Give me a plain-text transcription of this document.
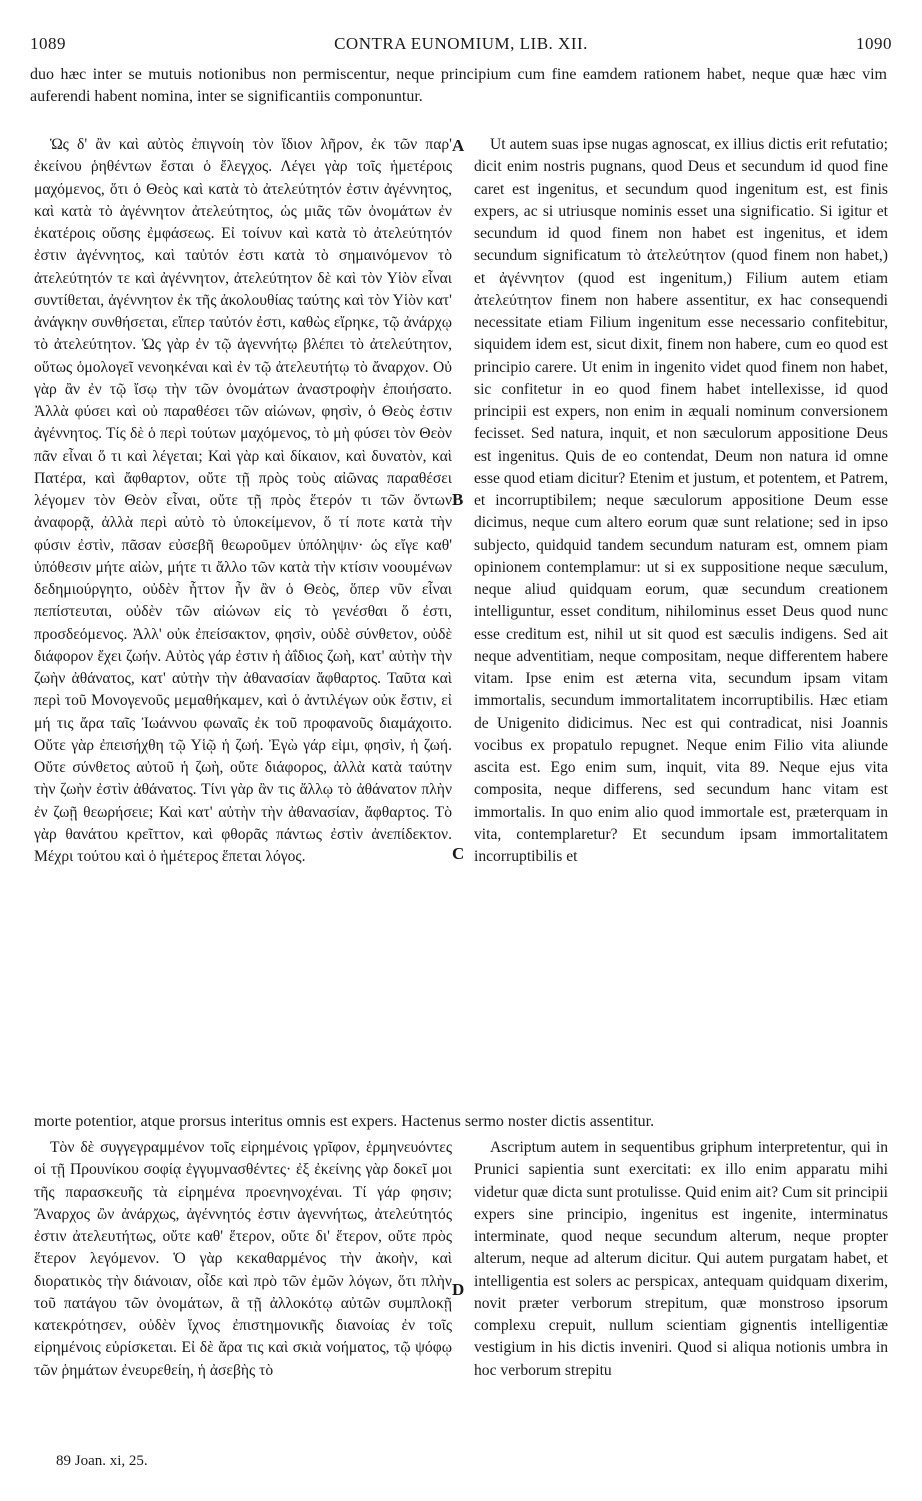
1089	CONTRA EUNOMIUM, LIB. XII.	1090

duo hæc inter se mutuis notionibus non permiscentur, neque principium cum fine eamdem rationem habet, neque quæ hæc vim auferendi habent nomina, inter se significantiis componuntur.

Ὡς δ' ἂν καὶ αὐτὸς ἐπιγνοίη τὸν ἴδιον λῆρον, ἐκ τῶν παρ' ἐκείνου ῥηθέντων ἔσται ὁ ἔλεγχος. Λέγει γὰρ τοῖς ἡμετέροις μαχόμενος, ὅτι ὁ Θεὸς καὶ κατὰ τὸ ἀτελεύτητόν ἐστιν ἀγέννητος, καὶ κατὰ τὸ ἀγέννητον ἀτελεύτητος, ὡς μιᾶς τῶν ὀνομάτων ἐν ἑκατέροις οὔσης ἐμφάσεως. Εἰ τοίνυν καὶ κατὰ τὸ ἀτελεύτητόν ἐστιν ἀγέννητος, καὶ ταὐτόν ἐστι κατὰ τὸ σημαινόμενον τὸ ἀτελεύτητόν τε καὶ ἀγέννητον, ἀτελεύτητον δὲ καὶ τὸν Υἱὸν εἶναι συντίθεται, ἀγέννητον ἐκ τῆς ἀκολουθίας ταύτης καὶ τὸν Υἱὸν κατ' ἀνάγκην συνθήσεται, εἴπερ ταὐτόν ἐστι, καθὼς εἴρηκε, τῷ ἀνάρχῳ τὸ ἀτελεύτητον. Ὡς γὰρ ἐν τῷ ἀγεννήτῳ βλέπει τὸ ἀτελεύτητον, οὕτως ὁμολογεῖ νενοηκέναι καὶ ἐν τῷ ἀτελευτήτῳ τὸ ἄναρχον. Οὐ γὰρ ἂν ἐν τῷ ἴσῳ τὴν τῶν ὀνομάτων ἀναστροφὴν ἐποιήσατο. Ἀλλὰ φύσει καὶ οὐ παραθέσει τῶν αἰώνων, φησὶν, ὁ Θεὸς ἐστιν ἀγέννητος. Τίς δὲ ὁ περὶ τούτων μαχόμενος, τὸ μὴ φύσει τὸν Θεὸν πᾶν εἶναι ὅ τι καὶ λέγεται; Καὶ γὰρ καὶ δίκαιον, καὶ δυνατὸν, καὶ Πατέρα, καὶ ἄφθαρτον, οὔτε τῇ πρὸς τοὺς αἰῶνας παραθέσει λέγομεν τὸν Θεὸν εἶναι, οὔτε τῇ πρὸς ἕτερόν τι τῶν ὄντων ἀναφορᾷ, ἀλλὰ περὶ αὐτὸ τὸ ὑποκείμενον, ὅ τί ποτε κατὰ τὴν φύσιν ἐστὶν, πᾶσαν εὐσεβῆ θεωροῦμεν ὑπόληψιν· ὡς εἴγε καθ' ὑπόθεσιν μήτε αἰὼν, μήτε τι ἄλλο τῶν κατὰ τὴν κτίσιν νοουμένων δεδημιούργητο, οὐδὲν ἧττον ἦν ἂν ὁ Θεὸς, ὅπερ νῦν εἶναι πεπίστευται, οὐδὲν τῶν αἰώνων εἰς τὸ γενέσθαι ὅ ἐστι, προσδεόμενος. Ἀλλ' οὐκ ἐπείσακτον, φησὶν, οὐδὲ σύνθετον, οὐδὲ διάφορον ἔχει ζωήν. Αὐτὸς γάρ ἐστιν ἡ ἀΐδιος ζωὴ, κατ' αὐτὴν τὴν ζωὴν ἀθάνατος, κατ' αὐτὴν τὴν ἀθανασίαν ἄφθαρτος. Ταῦτα καὶ περὶ τοῦ Μονογενοῦς μεμαθήκαμεν, καὶ ὁ ἀντιλέγων οὐκ ἔστιν, εἰ μή τις ἄρα ταῖς Ἰωάννου φωναῖς ἐκ τοῦ προφανοῦς διαμάχοιτο. Οὔτε γὰρ ἐπεισήχθη τῷ Υἱῷ ἡ ζωή. Ἐγὼ γάρ εἰμι, φησὶν, ἡ ζωή. Οὔτε σύνθετος αὐτοῦ ἡ ζωὴ, οὔτε διάφορος, ἀλλὰ κατὰ ταύτην τὴν ζωὴν ἐστὶν ἀθάνατος. Τίνι γὰρ ἂν τις ἄλλῳ τὸ ἀθάνατον πλὴν ἐν ζωῇ θεωρήσειε; Καὶ κατ' αὐτὴν τὴν ἀθανασίαν, ἄφθαρτος. Τὸ γὰρ θανάτου κρεῖττον, καὶ φθορᾶς πάντως ἐστὶν ἀνεπίδεκτον. Μέχρι τούτου καὶ ὁ ἡμέτερος ἕπεται λόγος.

Ut autem suas ipse nugas agnoscat, ex illius dictis erit refutatio; dicit enim nostris pugnans, quod Deus et secundum id quod fine caret est ingenitus, et secundum quod ingenitum est, est finis expers, ac si utriusque nominis esset una significatio. Si igitur et secundum id quod finem non habet est ingenitus, et idem secundum significatum τὸ ἀτελεύτητον (quod finem non habet,) et ἀγέννητον (quod est ingenitum,) Filium autem etiam ἀτελεύτητον finem non habere assentitur, ex hac consequendi necessitate etiam Filium ingenitum esse necessario confitebitur, siquidem idem est, sicut dixit, finem non habere, cum eo quod est principio carere. Ut enim in ingenito videt quod finem non habet, sic confitetur in eo quod finem habet intellexisse, id quod principii est expers, non enim in æquali nominum conversionem fecisset. Sed natura, inquit, et non sæculorum appositione Deus est ingenitus. Quis de eo contendat, Deum non natura id omne esse quod etiam dicitur? Etenim et justum, et potentem, et Patrem, et incorruptibilem; neque sæculorum appositione Deum esse dicimus, neque cum altero eorum quæ sunt relatione; sed in ipso subjecto, quidquid tandem secundum naturam est, omnem piam opinionem contemplamur: ut si ex suppositione neque sæculum, neque aliud quidquam eorum, quæ secundum creationem intelliguntur, esset conditum, nihilominus esset Deus quod nunc esse creditum est, nihil ut sit quod est sæculis indigens. Sed ait neque adventitiam, neque compositam, neque differentem habere vitam. Ipse enim est æterna vita, secundum ipsam vitam immortalis, secundum immortalitatem incorruptibilis. Hæc etiam de Unigenito didicimus. Nec est qui contradicat, nisi Joannis vocibus ex propatulo repugnet. Neque enim Filio vita aliunde ascita est. Ego enim sum, inquit, vita 89. Neque ejus vita composita, neque differens, sed secundum hanc vitam est immortalis. In quo enim alio quod immortale est, præterquam in vita, contemplaretur? Et secundum ipsam immortalitatem incorruptibilis et

A
B
C
D

morte potentior, atque prorsus interitus omnis est expers. Hactenus sermo noster dictis assentitur.

Τὸν δὲ συγγεγραμμένον τοῖς εἰρημένοις γρῖφον, ἑρμηνευόντες οἱ τῇ Προυνίκου σοφίᾳ ἐγγυμνασθέντες· ἐξ ἐκείνης γὰρ δοκεῖ μοι τῆς παρασκευῆς τὰ εἰρημένα προενηνοχέναι. Τί γάρ φησιν; Ἄναρχος ὢν ἀνάρχως, ἀγέννητός ἐστιν ἀγεννήτως, ἀτελεύτητός ἐστιν ἀτελευτήτως, οὔτε καθ' ἕτερον, οὔτε δι' ἕτερον, οὔτε πρὸς ἕτερον λεγόμενον. Ὁ γὰρ κεκαθαρμένος τὴν ἀκοὴν, καὶ διορατικὸς τὴν διάνοιαν, οἶδε καὶ πρὸ τῶν ἐμῶν λόγων, ὅτι πλὴν τοῦ πατάγου τῶν ὀνομάτων, ἃ τῇ ἀλλοκότῳ αὐτῶν συμπλοκῇ κατεκρότησεν, οὐδὲν ἴχνος ἐπιστημονικῆς διανοίας ἐν τοῖς εἰρημένοις εὑρίσκεται. Εἰ δὲ ἄρα τις καὶ σκιὰ νοήματος, τῷ ψόφῳ τῶν ῥημάτων ἐνευρεθείη, ἡ ἀσεβὴς τὸ

Ascriptum autem in sequentibus griphum interpretentur, qui in Prunici sapientia sunt exercitati: ex illo enim apparatu mihi videtur quæ dicta sunt protulisse. Quid enim ait? Cum sit principii expers sine principio, ingenitus est ingenite, interminatus interminate, quod neque secundum alterum, neque propter alterum, neque ad alterum dicitur. Qui autem purgatam habet, et intelligentia est solers ac perspicax, antequam quidquam dixerim, novit præter verborum strepitum, quæ monstroso ipsorum complexu crepuit, nullum scientiam gignentis intelligentiæ vestigium in his dictis inveniri. Quod si aliqua notionis umbra in hoc verborum strepitu

89 Joan. xi, 25.
